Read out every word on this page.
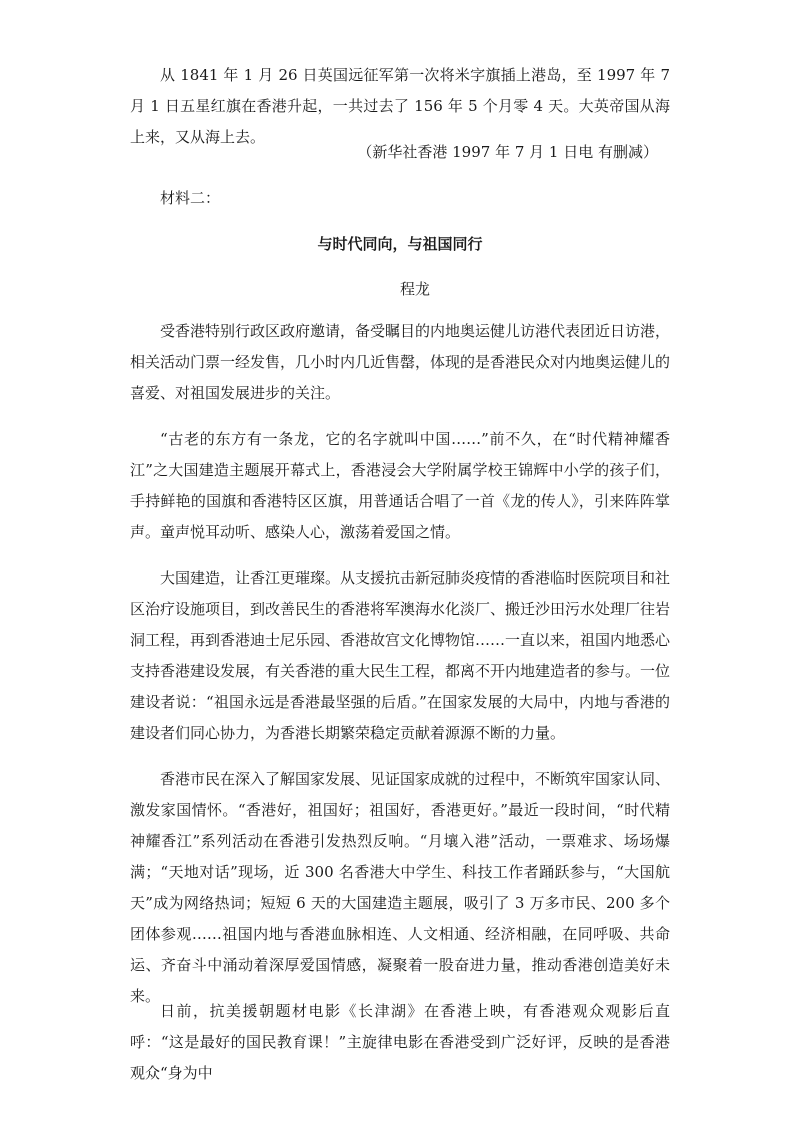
从 1841 年 1 月 26 日英国远征军第一次将米字旗插上港岛，至 1997 年 7 月 1 日五星红旗在香港升起，一共过去了 156 年 5 个月零 4 天。大英帝国从海上来，又从海上去。

（新华社香港 1997 年 7 月 1 日电 有删减）

材料二：

与时代同向，与祖国同行

程龙

受香港特别行政区政府邀请，备受瞩目的内地奥运健儿访港代表团近日访港，相关活动门票一经发售，几小时内几近售罄，体现的是香港民众对内地奥运健儿的喜爱、对祖国发展进步的关注。

“古老的东方有一条龙，它的名字就叫中国……”前不久，在“时代精神耀香江”之大国建造主题展开幕式上，香港浸会大学附属学校王锦辉中小学的孩子们，手持鲜艳的国旗和香港特区区旗，用普通话合唱了一首《龙的传人》，引来阵阵掌声。童声悦耳动听、感染人心，激荡着爱国之情。

大国建造，让香江更璀璨。从支援抗击新冠肺炎疫情的香港临时医院项目和社区治疗设施项目，到改善民生的香港将军澳海水化淡厂、搬迁沙田污水处理厂往岩洞工程，再到香港迪士尼乐园、香港故宫文化博物馆……一直以来，祖国内地悉心支持香港建设发展，有关香港的重大民生工程，都离不开内地建造者的参与。一位建设者说：“祖国永远是香港最坚强的后盾。”在国家发展的大局中，内地与香港的建设者们同心协力，为香港长期繁荣稳定贡献着源源不断的力量。

香港市民在深入了解国家发展、见证国家成就的过程中，不断筑牢国家认同、激发家国情怀。“香港好，祖国好；祖国好，香港更好。”最近一段时间，“时代精神耀香江”系列活动在香港引发热烈反响。“月壤入港”活动，一票难求、场场爆满；“天地对话”现场，近 300 名香港大中学生、科技工作者踊跃参与，“大国航天”成为网络热词；短短 6 天的大国建造主题展，吸引了 3 万多市民、200 多个团体参观……祖国内地与香港血脉相连、人文相通、经济相融，在同呼吸、共命运、齐奋斗中涌动着深厚爱国情感，凝聚着一股奋进力量，推动香港创造美好未来。

日前，抗美援朝题材电影《长津湖》在香港上映，有香港观众观影后直呼：“这是最好的国民教育课！”主旋律电影在香港受到广泛好评，反映的是香港观众“身为中
